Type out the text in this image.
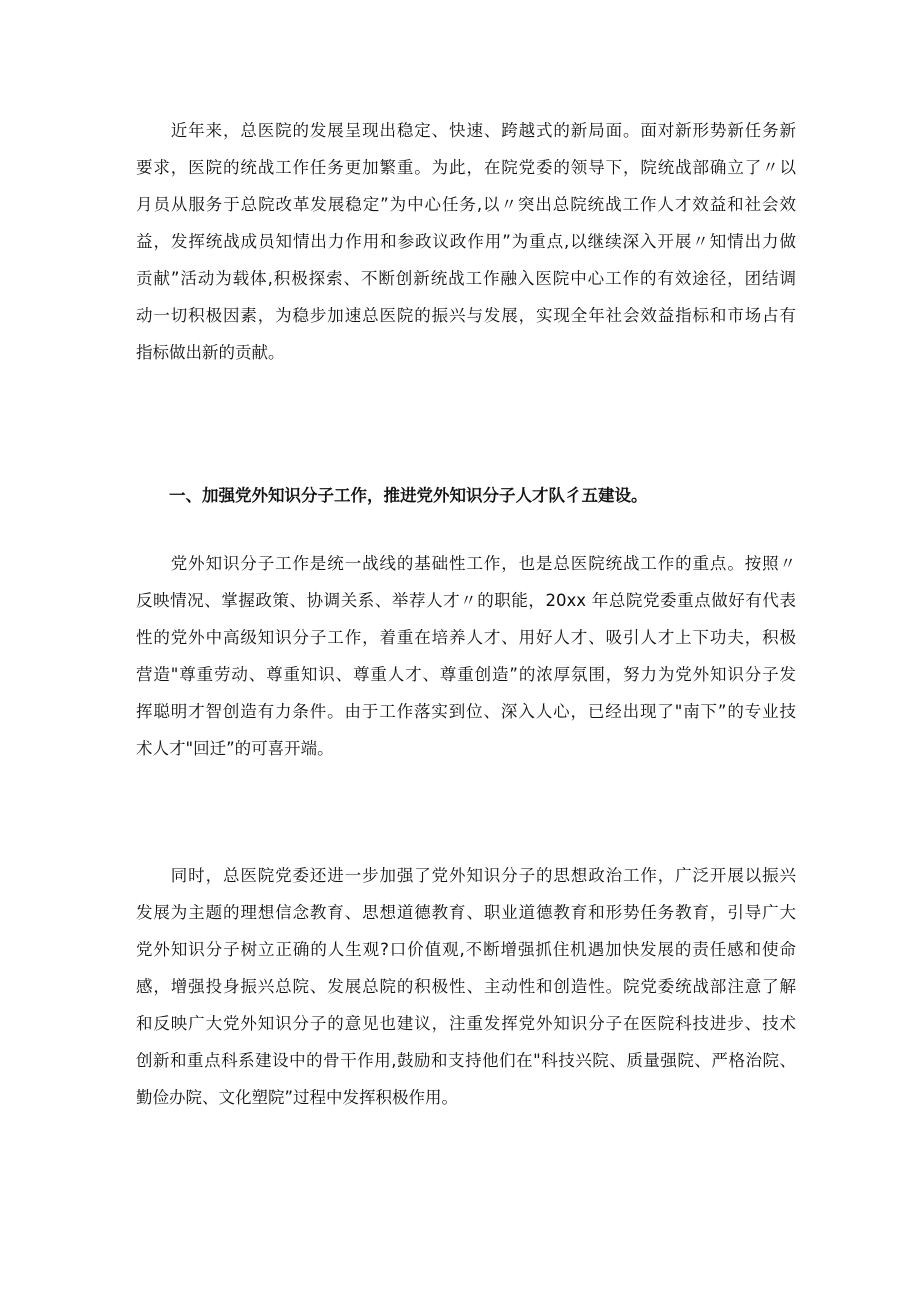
　　近年来，总医院的发展呈现出稳定、快速、跨越式的新局面。面对新形势新任务新
要求，医院的统战工作任务更加繁重。为此，在院党委的领导下，院统战部确立了〃以
月员从服务于总院改革发展稳定”为中心任务,以〃突出总院统战工作人才效益和社会效
益，发挥统战成员知情出力作用和参政议政作用”为重点,以继续深入开展〃知情出力做
贡献”活动为载体,积极探索、不断创新统战工作融入医院中心工作的有效途径，团结调
动一切积极因素，为稳步加速总医院的振兴与发展，实现全年社会效益指标和市场占有
指标做出新的贡献。
　　一、加强党外知识分子工作，推进党外知识分子人才队彳五建设。
　　党外知识分子工作是统一战线的基础性工作，也是总医院统战工作的重点。按照〃
反映情况、掌握政策、协调关系、举荐人才〃的职能，20xx 年总院党委重点做好有代表
性的党外中高级知识分子工作，着重在培养人才、用好人才、吸引人才上下功夫，积极
营造"尊重劳动、尊重知识、尊重人才、尊重创造”的浓厚氛围，努力为党外知识分子发
挥聪明才智创造有力条件。由于工作落实到位、深入人心，已经出现了"南下”的专业技
术人才"回迁”的可喜开端。
　　同时，总医院党委还进一步加强了党外知识分子的思想政治工作，广泛开展以振兴
发展为主题的理想信念教育、思想道德教育、职业道德教育和形势任务教育，引导广大
党外知识分子树立正确的人生观?口价值观,不断增强抓住机遇加快发展的责任感和使命
感，增强投身振兴总院、发展总院的积极性、主动性和创造性。院党委统战部注意了解
和反映广大党外知识分子的意见也建议，注重发挥党外知识分子在医院科技进步、技术
创新和重点科系建设中的骨干作用,鼓励和支持他们在"科技兴院、质量强院、严格治院、
勤俭办院、文化塑院”过程中发挥积极作用。
